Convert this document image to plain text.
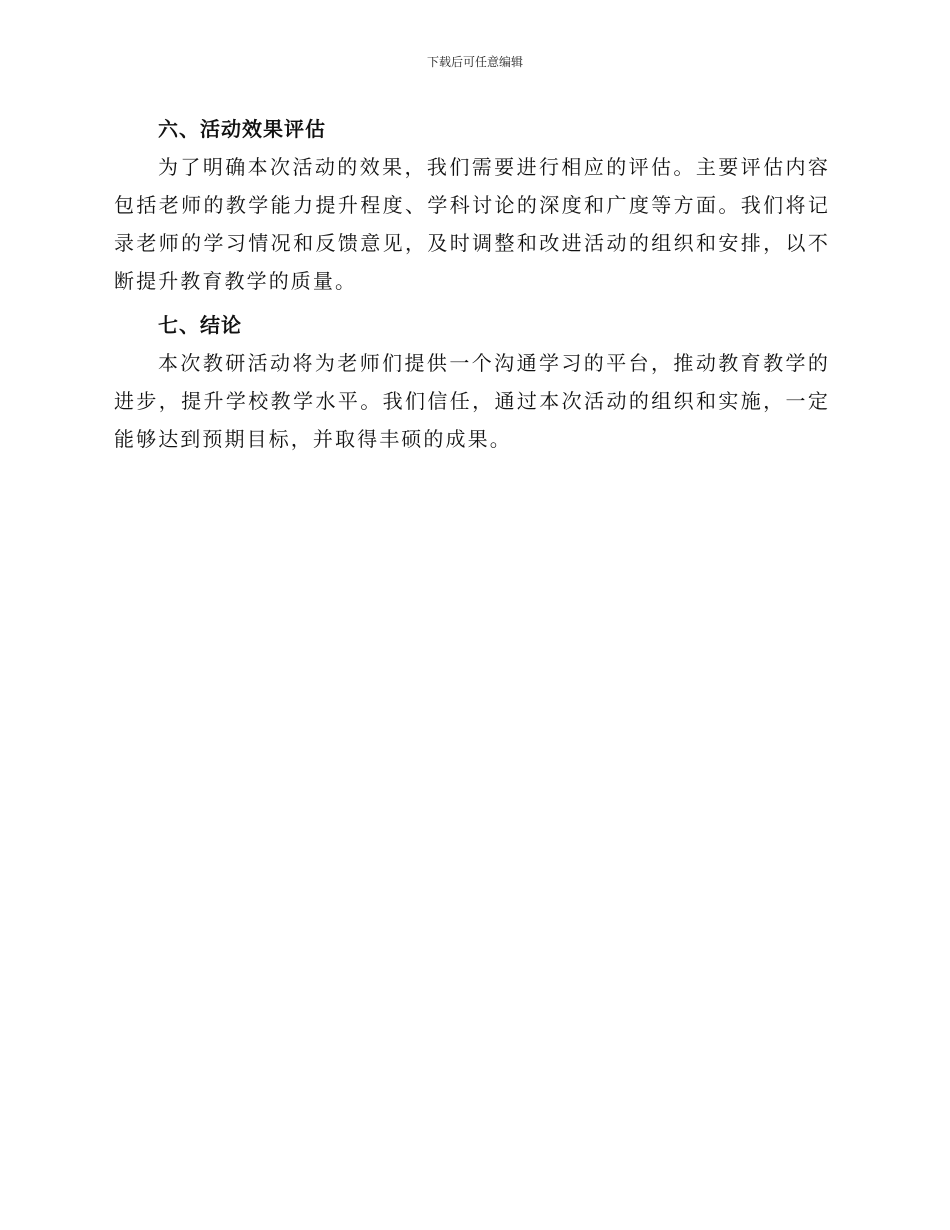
下载后可任意编辑
六、活动效果评估

为了明确本次活动的效果，我们需要进行相应的评估。主要评估内容包括老师的教学能力提升程度、学科讨论的深度和广度等方面。我们将记录老师的学习情况和反馈意见，及时调整和改进活动的组织和安排，以不断提升教育教学的质量。

七、结论

本次教研活动将为老师们提供一个沟通学习的平台，推动教育教学的进步，提升学校教学水平。我们信任，通过本次活动的组织和实施，一定能够达到预期目标，并取得丰硕的成果。
